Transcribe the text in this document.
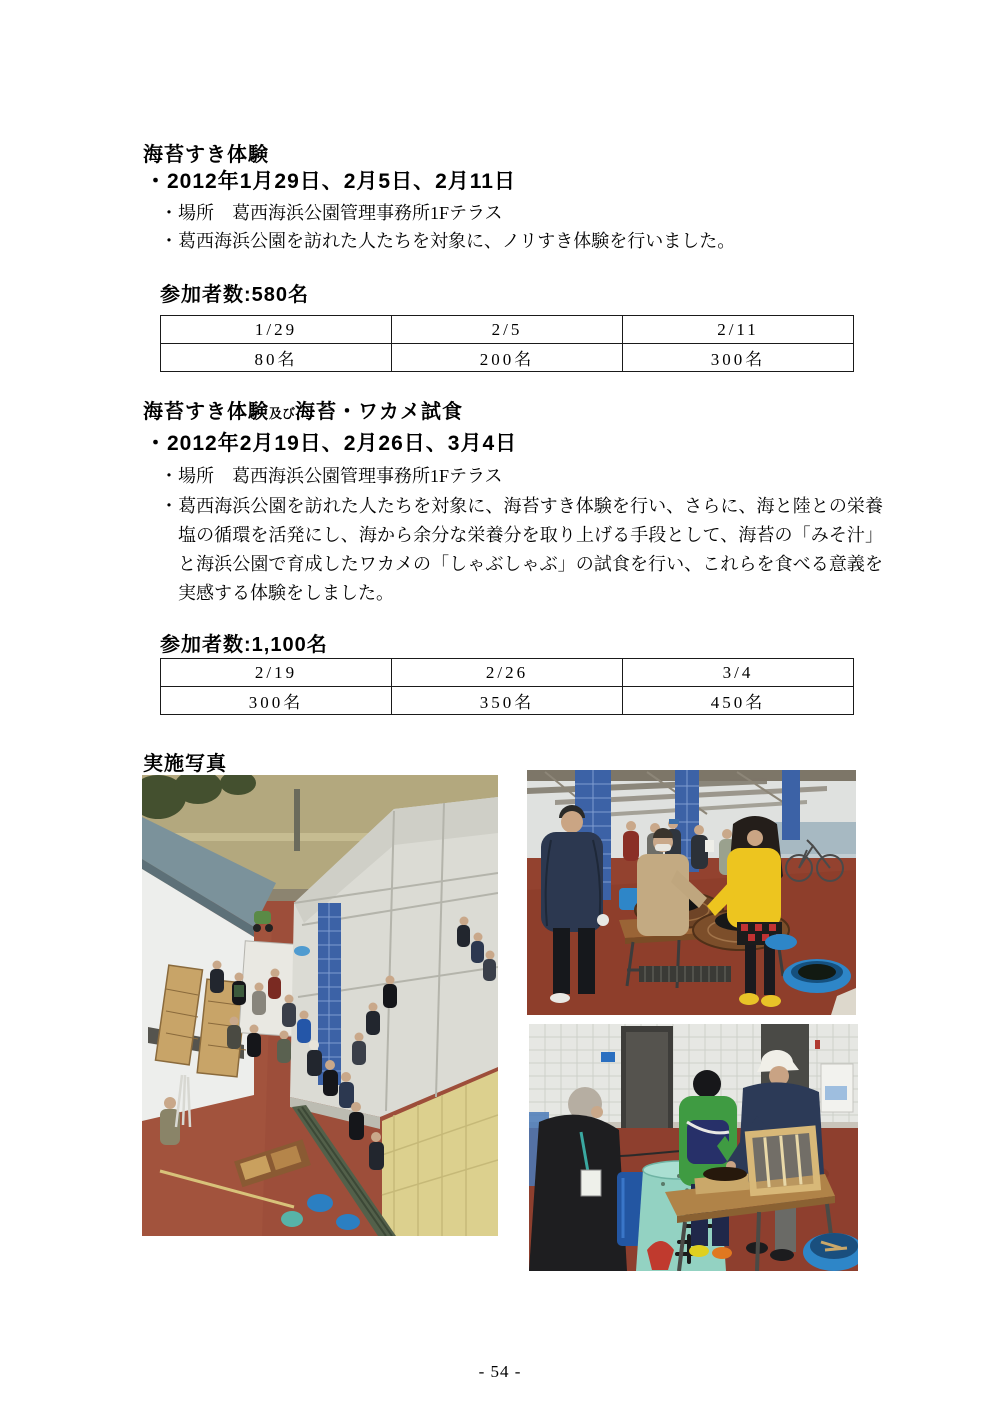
海苔すき体験
・2012年1月29日、2月5日、2月11日
・場所　葛西海浜公園管理事務所1Fテラス
・葛西海浜公園を訪れた人たちを対象に、ノリすき体験を行いました。
参加者数:580名
1/29	2/5	2/11
80名	200名	300名
海苔すき体験及び海苔・ワカメ試食
・2012年2月19日、2月26日、3月4日
・場所　葛西海浜公園管理事務所1Fテラス
・葛西海浜公園を訪れた人たちを対象に、海苔すき体験を行い、さらに、海と陸との栄養塩の循環を活発にし、海から余分な栄養分を取り上げる手段として、海苔の「みそ汁」と海浜公園で育成したワカメの「しゃぶしゃぶ」の試食を行い、これらを食べる意義を実感する体験をしました。
参加者数:1,100名
2/19	2/26	3/4
300名	350名	450名
実施写真
- 54 -
